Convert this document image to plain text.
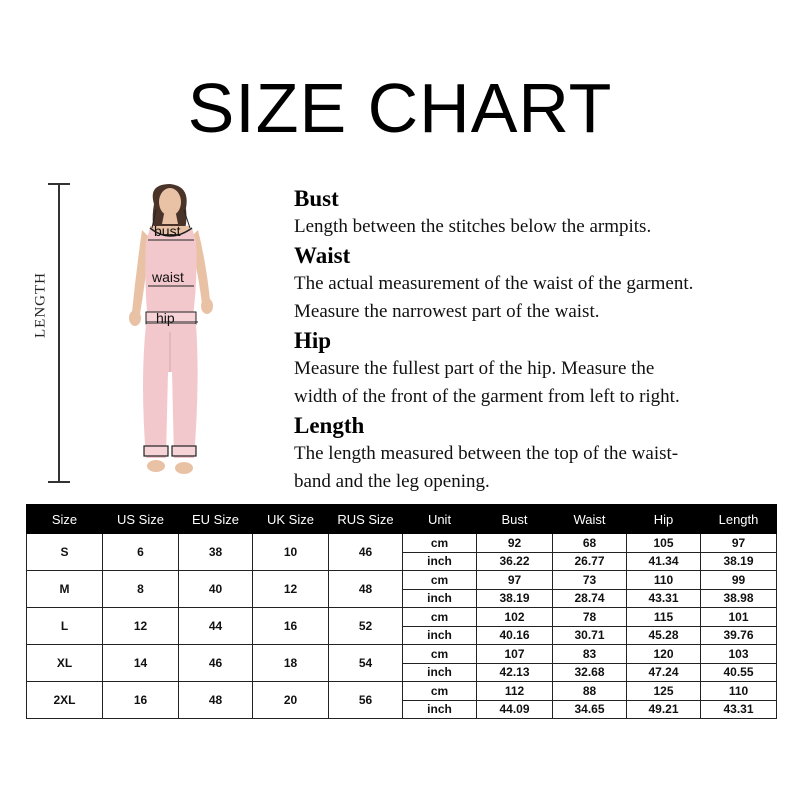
SIZE CHART
LENGTH
bust
waist
hip
Bust
Length between the stitches below the armpits.
Waist
The actual measurement of the waist of the garment.
Measure the narrowest part of the waist.
Hip
Measure the fullest part of the hip. Measure the
width of the front of the garment from left to right.
Length
The length measured between the top of the waist-
band and the leg opening.
Size	US Size	EU Size	UK Size	RUS Size	Unit	Bust	Waist	Hip	Length
S	6	38	10	46	cm	92	68	105	97
					inch	36.22	26.77	41.34	38.19
M	8	40	12	48	cm	97	73	110	99
					inch	38.19	28.74	43.31	38.98
L	12	44	16	52	cm	102	78	115	101
					inch	40.16	30.71	45.28	39.76
XL	14	46	18	54	cm	107	83	120	103
					inch	42.13	32.68	47.24	40.55
2XL	16	48	20	56	cm	112	88	125	110
					inch	44.09	34.65	49.21	43.31
